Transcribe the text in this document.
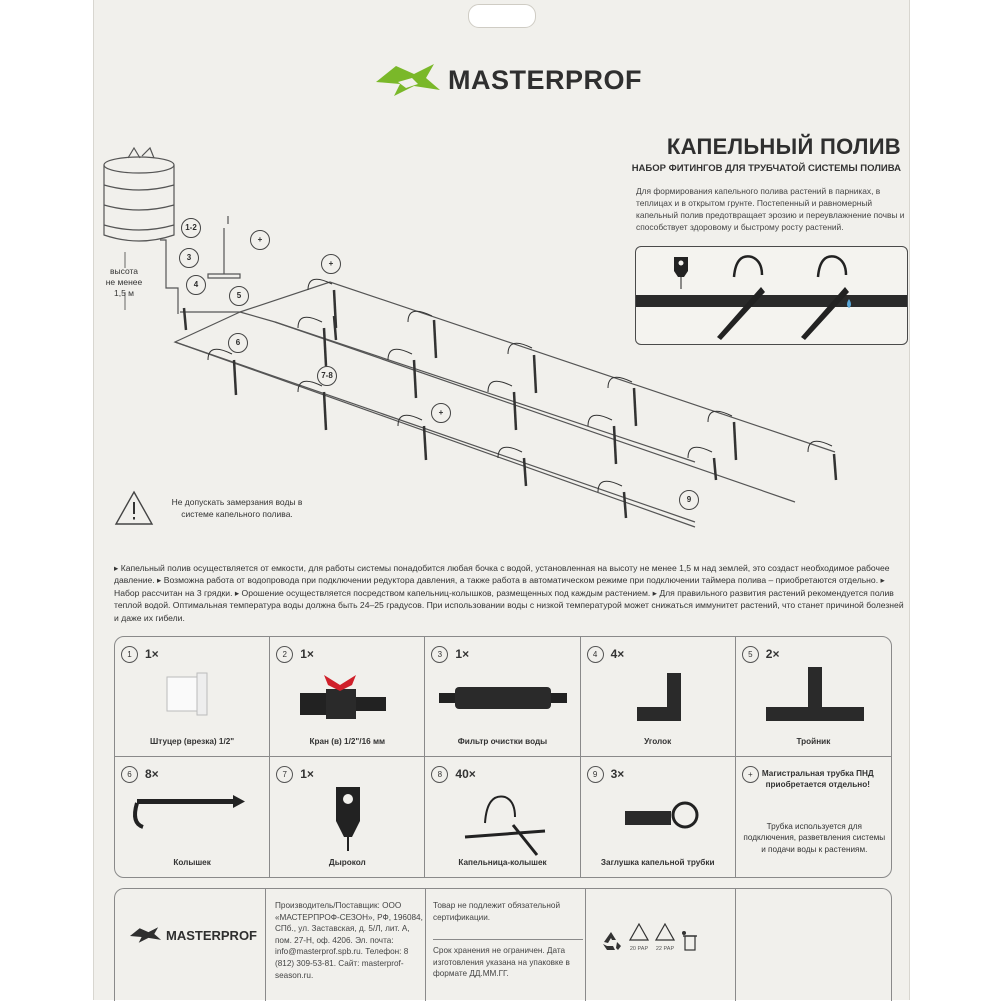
MASTERPROF
КАПЕЛЬНЫЙ ПОЛИВ
НАБОР ФИТИНГОВ ДЛЯ ТРУБЧАТОЙ СИСТЕМЫ ПОЛИВА
Для формирования капельного полива растений в парниках, в теплицах и в открытом грунте. Постепенный и равномерный капельный полив предотвращает эрозию и переувлажнение почвы и способствует здоровому и быстрому росту растений.
1-2
+
3
4
5
6
7-8
+
+
9
высота
не менее
1,5 м
Не допускать замерзания воды в системе капельного полива.
▸ Капельный полив осуществляется от емкости, для работы системы понадобится любая бочка с водой, установленная на высоту не менее 1,5 м над землей, это создаст необходимое рабочее давление. ▸ Возможна работа от водопровода при подключении редуктора давления, а также работа в автоматическом режиме при подключении таймера полива – приобретаются отдельно. ▸ Набор рассчитан на 3 грядки. ▸ Орошение осуществляется посредством капельниц-колышков, размещенных под каждым растением. ▸ Для правильного развития растений рекомендуется полив теплой водой. Оптимальная температура воды должна быть 24–25 градусов. При использовании воды с низкой температурой может снижаться иммунитет растений, что станет причиной болезней и даже их гибели.
1	1×
Штуцер (врезка) 1/2"
2	1×
Кран (в) 1/2"/16 мм
3	1×
Фильтр очистки воды
4	4×
Уголок
5	2×
Тройник
6	8×
Колышек
7	1×
Дырокол
8	40×
Капельница-колышек
9	3×
Заглушка капельной трубки
+	Магистральная трубка ПНД приобретается отдельно!
Трубка используется для подключения, разветвления системы и подачи воды к растениям.
MASTERPROF
Производитель/Поставщик: ООО «МАСТЕРПРОФ-СЕЗОН», РФ, 196084, СПб., ул. Заставская, д. 5/Л, лит. А, пом. 27-Н, оф. 4206. Эл. почта: info@masterprof.spb.ru. Телефон: 8 (812) 309-53-81. Сайт: masterprof-season.ru.
Товар не подлежит обязательной сертификации.
Срок хранения не ограничен. Дата изготовления указана на упаковке в формате ДД.ММ.ГГ.
20 PAP 22 PAP
